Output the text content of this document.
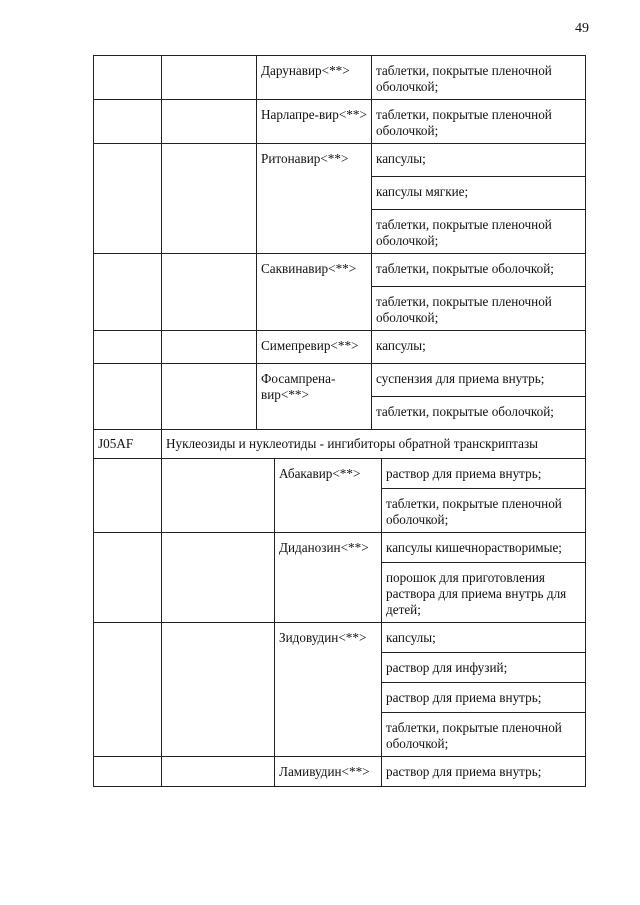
49
		Дарунавир<**>		таблетки, покрытые пленочной оболочкой;	
		Нарлапре-вир<**>		таблетки, покрытые пленочной оболочкой;	
		Ритонавир<**>		капсулы;	
				капсулы мягкие;	
				таблетки, покрытые пленочной оболочкой;	
		Саквинавир<**>		таблетки, покрытые оболочкой;	
				таблетки, покрытые пленочной оболочкой;	
		Симепревир<**>		капсулы;	
		Фосампрена-вир<**>		суспензия для приема внутрь;	
				таблетки, покрытые оболочкой;	
J05AF	Нуклеозиды и нуклеотиды - ингибиторы обратной транскриптазы				
			Абакавир<**>		раствор для приема внутрь;
					таблетки, покрытые пленочной оболочкой;
			Диданозин<**>		капсулы кишечнорастворимые;
					порошок для приготовления раствора для приема внутрь для детей;
			Зидовудин<**>		капсулы;
					раствор для инфузий;
					раствор для приема внутрь;
					таблетки, покрытые пленочной оболочкой;
			Ламивудин<**>		раствор для приема внутрь;
